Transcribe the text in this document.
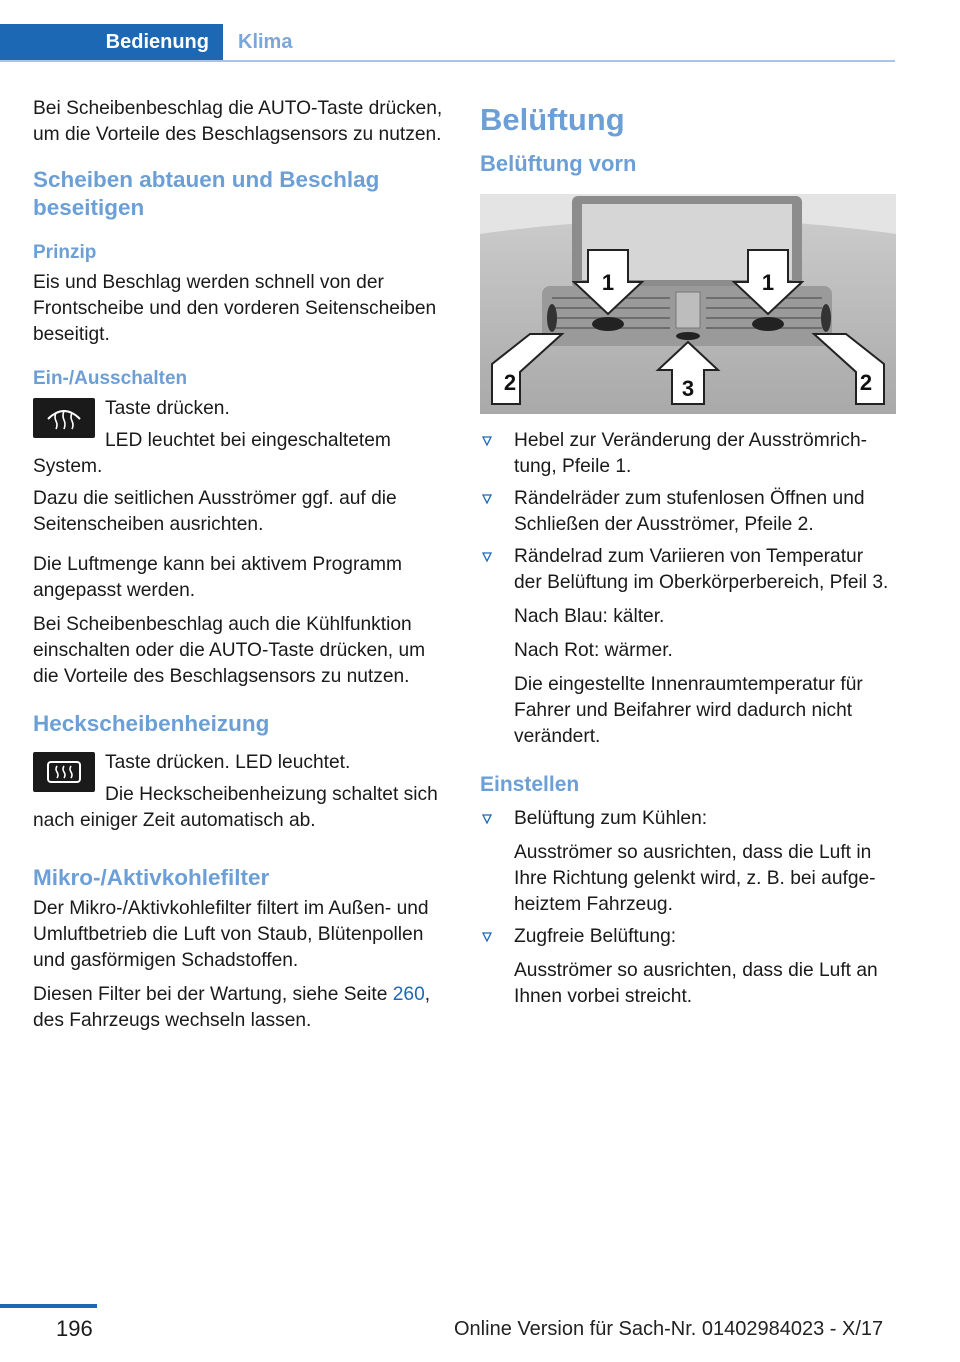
Bedienung	Klima

Bei Scheibenbeschlag die AUTO-Taste drücken, um die Vorteile des Beschlagsensors zu nutzen.

Scheiben abtauen und Beschlag beseitigen
Prinzip

Eis und Beschlag werden schnell von der Frontscheibe und den vorderen Seitenscheiben beseitigt.

Ein-/Ausschalten

Taste drücken.

LED leuchtet bei eingeschaltetem System.

Dazu die seitlichen Ausströmer ggf. auf die Seitenscheiben ausrichten.

Die Luftmenge kann bei aktivem Programm angepasst werden.

Bei Scheibenbeschlag auch die Kühlfunktion einschalten oder die AUTO-Taste drücken, um die Vorteile des Beschlagsensors zu nutzen.

Heckscheibenheizung

Taste drücken. LED leuchtet.

Die Heckscheibenheizung schaltet sich nach einiger Zeit automatisch ab.

Mikro-/Aktivkohlefilter

Der Mikro-/Aktivkohlefilter filtert im Außen- und Umluftbetrieb die Luft von Staub, Blütenpollen und gasförmigen Schadstoffen.

Diesen Filter bei der Wartung, siehe Seite 260, des Fahrzeugs wechseln lassen.

Belüftung
Belüftung vorn
1	1
2	2
3
Hebel zur Veränderung der Ausströmrichtung, Pfeile 1.
Rändelräder zum stufenlosen Öffnen und Schließen der Ausströmer, Pfeile 2.
Rändelrad zum Variieren von Temperatur der Belüftung im Oberkörperbereich, Pfeil 3.
Nach Blau: kälter.
Nach Rot: wärmer.
Die eingestellte Innenraumtemperatur für Fahrer und Beifahrer wird dadurch nicht verändert.
Einstellen
Belüftung zum Kühlen:
Ausströmer so ausrichten, dass die Luft in Ihre Richtung gelenkt wird, z. B. bei aufgeheiztem Fahrzeug.
Zugfreie Belüftung:
Ausströmer so ausrichten, dass die Luft an Ihnen vorbei streicht.
196	Online Version für Sach-Nr. 01402984023 - X/17
